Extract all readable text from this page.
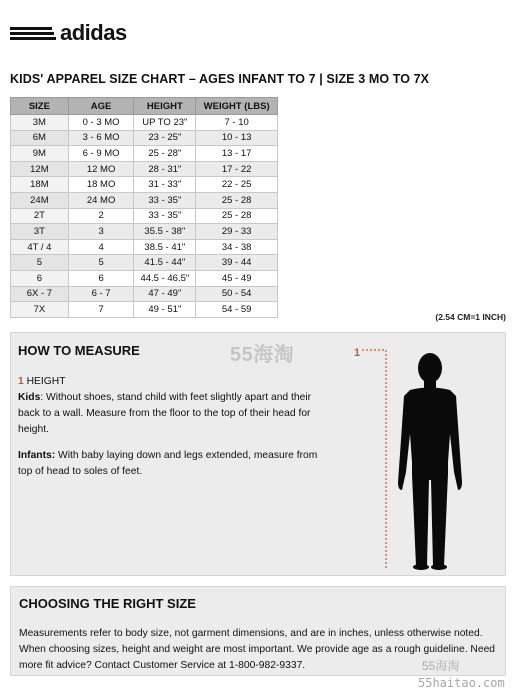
adidas
KIDS' APPAREL SIZE CHART – AGES INFANT TO 7 | SIZE 3 MO TO 7X
SIZE	AGE	HEIGHT	WEIGHT (LBS)
3M	0 - 3 MO	UP TO 23"	7 - 10
6M	3 - 6 MO	23 - 25"	10 - 13
9M	6 - 9 MO	25 - 28"	13 - 17
12M	12 MO	28 - 31"	17 - 22
18M	18 MO	31 - 33"	22 - 25
24M	24 MO	33 - 35"	25 - 28
2T	2	33 - 35"	25 - 28
3T	3	35.5 - 38"	29 - 33
4T / 4	4	38.5 - 41"	34 - 38
5	5	41.5 - 44"	39 - 44
6	6	44.5 - 46.5"	45 - 49
6X - 7	6 - 7	47 - 49"	50 - 54
7X	7	49 - 51"	54 - 59
(2.54 CM=1 INCH)
HOW TO MEASURE
1 HEIGHT
Kids: Without shoes, stand child with feet slightly apart and their back to a wall. Measure from the floor to the top of their head for height.
Infants: With baby laying down and legs extended, measure from top of head to soles of feet.
55海淘	1
CHOOSING THE RIGHT SIZE
Measurements refer to body size, not garment dimensions, and are in inches, unless otherwise noted. When choosing sizes, height and weight are most important. We provide age as a rough guideline. Need more fit advice? Contact Customer Service at 1-800-982-9337.	55海淘
55haitao.com
